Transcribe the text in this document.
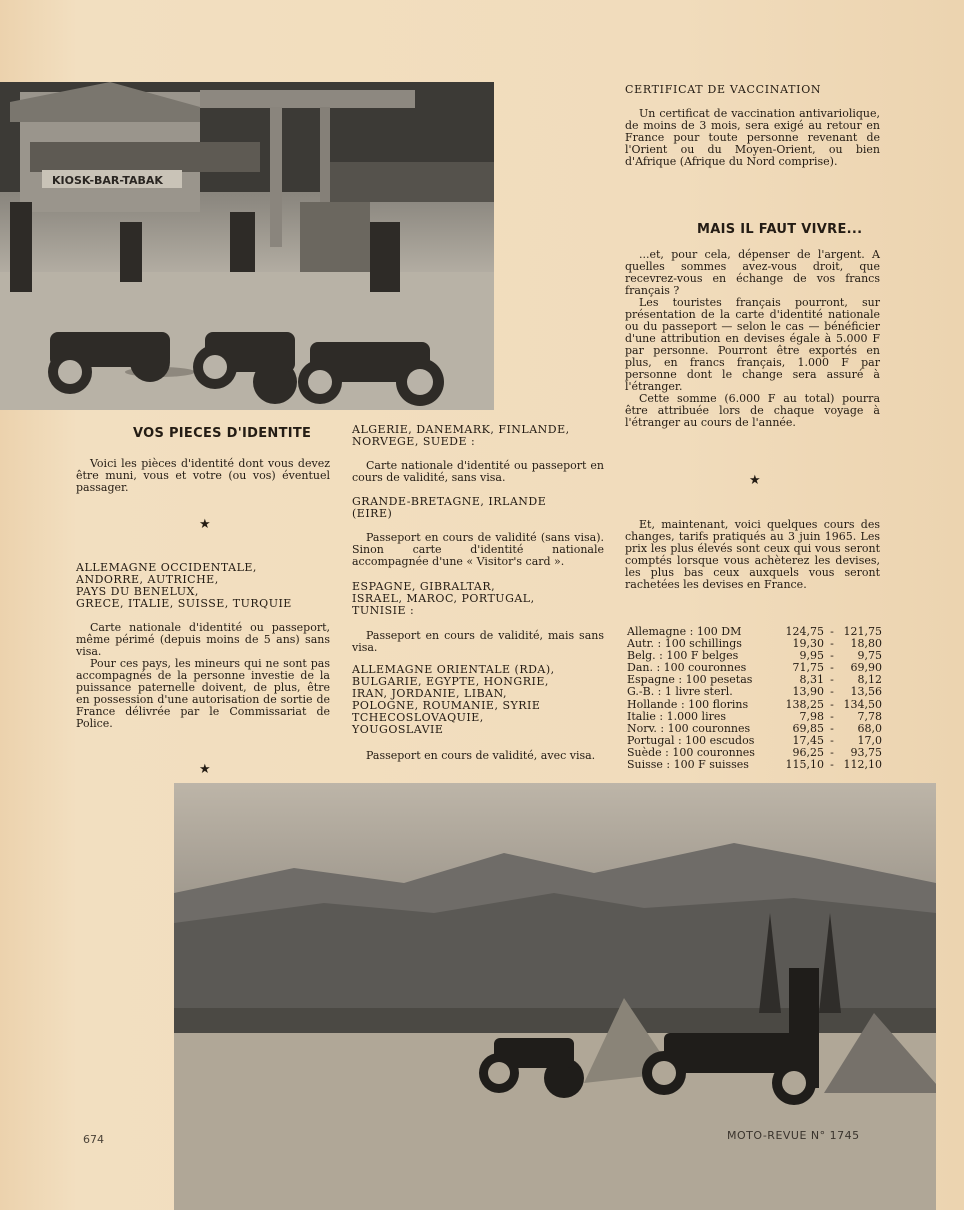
KIOSK-BAR-TABAK
VOS PIECES D'IDENTITE
Voici les pièces d'identité dont vous devez être muni, vous et votre (ou vos) éventuel passager.
★
ALLEMAGNE OCCIDENTALE,
ANDORRE, AUTRICHE,
PAYS DU BENELUX,
GRECE, ITALIE, SUISSE, TURQUIE

Carte nationale d'identité ou passeport, même périmé (depuis moins de 5 ans) sans visa.

Pour ces pays, les mineurs qui ne sont pas accompagnés de la personne investie de la puissance paternelle doivent, de plus, être en possession d'une autorisation de sortie de France délivrée par le Commissariat de Police.

★
ALGERIE, DANEMARK, FINLANDE,
NORVEGE, SUEDE :
Carte nationale d'identité ou passeport en cours de validité, sans visa.
GRANDE-BRETAGNE, IRLANDE
(EIRE)
Passeport en cours de validité (sans visa). Sinon carte d'identité nationale accompagnée d'une « Visitor's card ».
ESPAGNE, GIBRALTAR,
ISRAEL, MAROC, PORTUGAL,
TUNISIE :
Passeport en cours de validité, mais sans visa.
ALLEMAGNE ORIENTALE (RDA),
BULGARIE, EGYPTE, HONGRIE,
IRAN, JORDANIE, LIBAN,
POLOGNE, ROUMANIE, SYRIE
TCHECOSLOVAQUIE,
YOUGOSLAVIE
Passeport en cours de validité, avec visa.
CERTIFICAT DE VACCINATION
Un certificat de vaccination antivariolique, de moins de 3 mois, sera exigé au retour en France pour toute personne revenant de l'Orient ou du Moyen-Orient, ou bien d'Afrique (Afrique du Nord comprise).
MAIS IL FAUT VIVRE...

...et, pour cela, dépenser de l'argent. A quelles sommes avez-vous droit, que recevrez-vous en échange de vos francs français ?

Les touristes français pourront, sur présentation de la carte d'identité nationale ou du passeport — selon le cas — bénéficier d'une attribution en devises égale à 5.000 F par personne. Pourront être exportés en plus, en francs français, 1.000 F par personne dont le change sera assuré à l'étranger.

Cette somme (6.000 F au total) pourra être attribuée lors de chaque voyage à l'étranger au cours de l'année.

★
Et, maintenant, voici quelques cours des changes, tarifs pratiqués au 3 juin 1965. Les prix les plus élevés sont ceux qui vous seront comptés lorsque vous achèterez les devises, les plus bas ceux auxquels vous seront rachetées les devises en France.
Allemagne : 100 DM	124,75 - 121,75
Autr. : 100 schillings	19,30 -	18,80
Belg. : 100 F belges	9,95 -	9,75
Dan. : 100 couronnes	71,75 -	69,90
Espagne : 100 pesetas	8,31 -	8,12
G.-B. : 1 livre sterl.	13,90 -	13,56
Hollande : 100 florins	138,25 - 134,50
Italie : 1.000 lires	7,98 -	7,78
Norv. : 100 couronnes	69,85 -	68,0
Portugal : 100 escudos	17,45 -	17,0
Suède : 100 couronnes	96,25 -	93,75
Suisse : 100 F suisses	115,10 - 112,10
674	MOTO-REVUE N° 1745
